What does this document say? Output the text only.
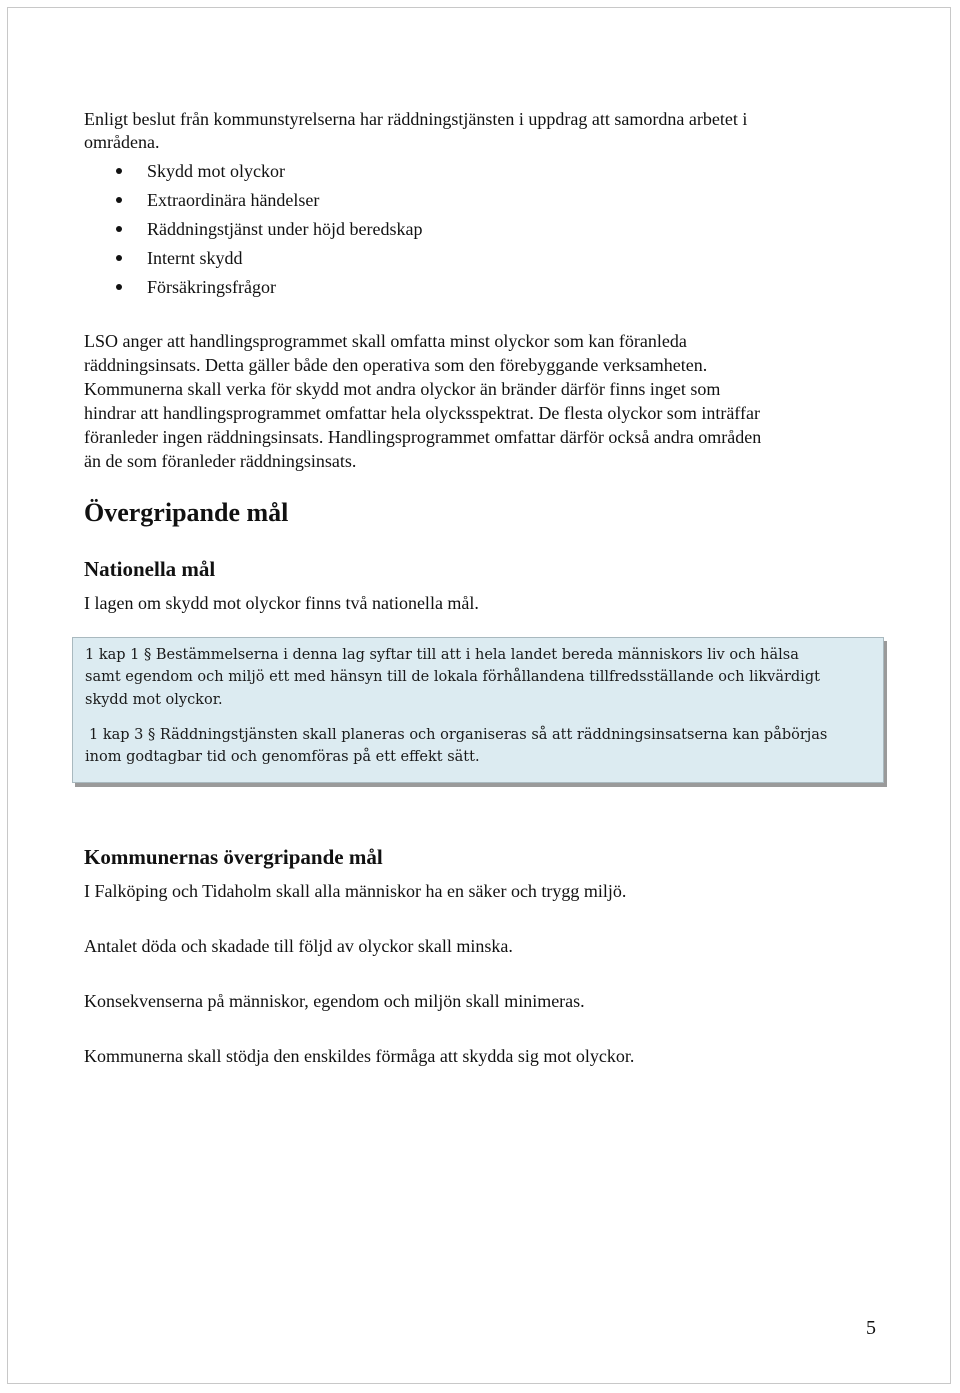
Enligt beslut från kommunstyrelserna har räddningstjänsten i uppdrag att samordna arbetet i

områdena.

Skydd mot olyckor
Extraordinära händelser
Räddningstjänst under höjd beredskap
Internt skydd
Försäkringsfrågor

LSO anger att handlingsprogrammet skall omfatta minst olyckor som kan föranleda

räddningsinsats. Detta gäller både den operativa som den förebyggande verksamheten.

Kommunerna skall verka för skydd mot andra olyckor än bränder därför finns inget som

hindrar att handlingsprogrammet omfattar hela olycksspektrat. De flesta olyckor som inträffar

föranleder ingen räddningsinsats. Handlingsprogrammet omfattar därför också andra områden

än de som föranleder räddningsinsats.

Övergripande mål
Nationella mål

I lagen om skydd mot olyckor finns två nationella mål.

1 kap 1 § Bestämmelserna i denna lag syftar till att i hela landet bereda människors liv och hälsa

samt egendom och miljö ett med hänsyn till de lokala förhållandena tillfredsställande och likvärdigt

skydd mot olyckor.

1 kap 3 § Räddningstjänsten skall planeras och organiseras så att räddningsinsatserna kan påbörjas

inom godtagbar tid och genomföras på ett effekt sätt.

Kommunernas övergripande mål

I Falköping och Tidaholm skall alla människor ha en säker och trygg miljö.

Antalet döda och skadade till följd av olyckor skall minska.

Konsekvenserna på människor, egendom och miljön skall minimeras.

Kommunerna skall stödja den enskildes förmåga att skydda sig mot olyckor.

5
